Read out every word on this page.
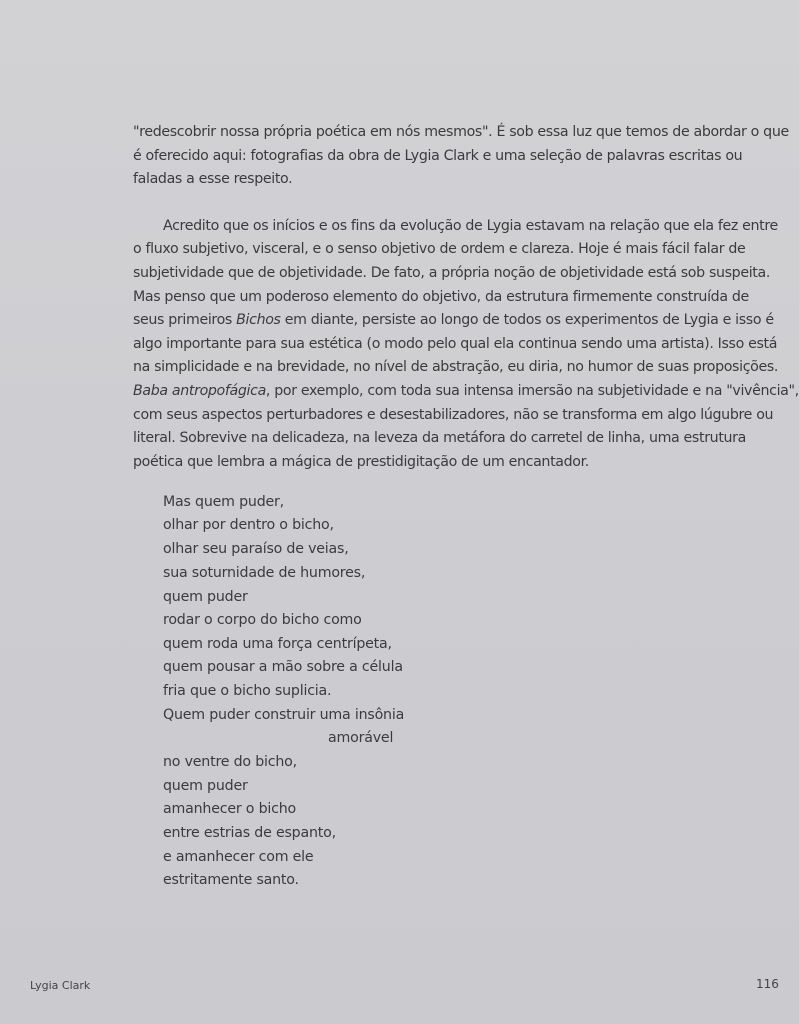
"redescobrir nossa própria poética em nós mesmos". É sob essa luz que temos de abordar o que
é oferecido aqui: fotografias da obra de Lygia Clark e uma seleção de palavras escritas ou
faladas a esse respeito.
Acredito que os inícios e os fins da evolução de Lygia estavam na relação que ela fez entre
o fluxo subjetivo, visceral, e o senso objetivo de ordem e clareza. Hoje é mais fácil falar de
subjetividade que de objetividade. De fato, a própria noção de objetividade está sob suspeita.
Mas penso que um poderoso elemento do objetivo, da estrutura firmemente construída de
seus primeiros Bichos em diante, persiste ao longo de todos os experimentos de Lygia e isso é
algo importante para sua estética (o modo pelo qual ela continua sendo uma artista). Isso está
na simplicidade e na brevidade, no nível de abstração, eu diria, no humor de suas proposições.
Baba antropofágica, por exemplo, com toda sua intensa imersão na subjetividade e na "vivência",
com seus aspectos perturbadores e desestabilizadores, não se transforma em algo lúgubre ou
literal. Sobrevive na delicadeza, na leveza da metáfora do carretel de linha, uma estrutura
poética que lembra a mágica de prestidigitação de um encantador.
Mas quem puder,
olhar por dentro o bicho,
olhar seu paraíso de veias,
sua soturnidade de humores,
quem puder
rodar o corpo do bicho como
quem roda uma força centrípeta,
quem pousar a mão sobre a célula
fria que o bicho suplicia.
Quem puder construir uma insônia
amorável
no ventre do bicho,
quem puder
amanhecer o bicho
entre estrias de espanto,
e amanhecer com ele
estritamente santo.
Lygia Clark	116
